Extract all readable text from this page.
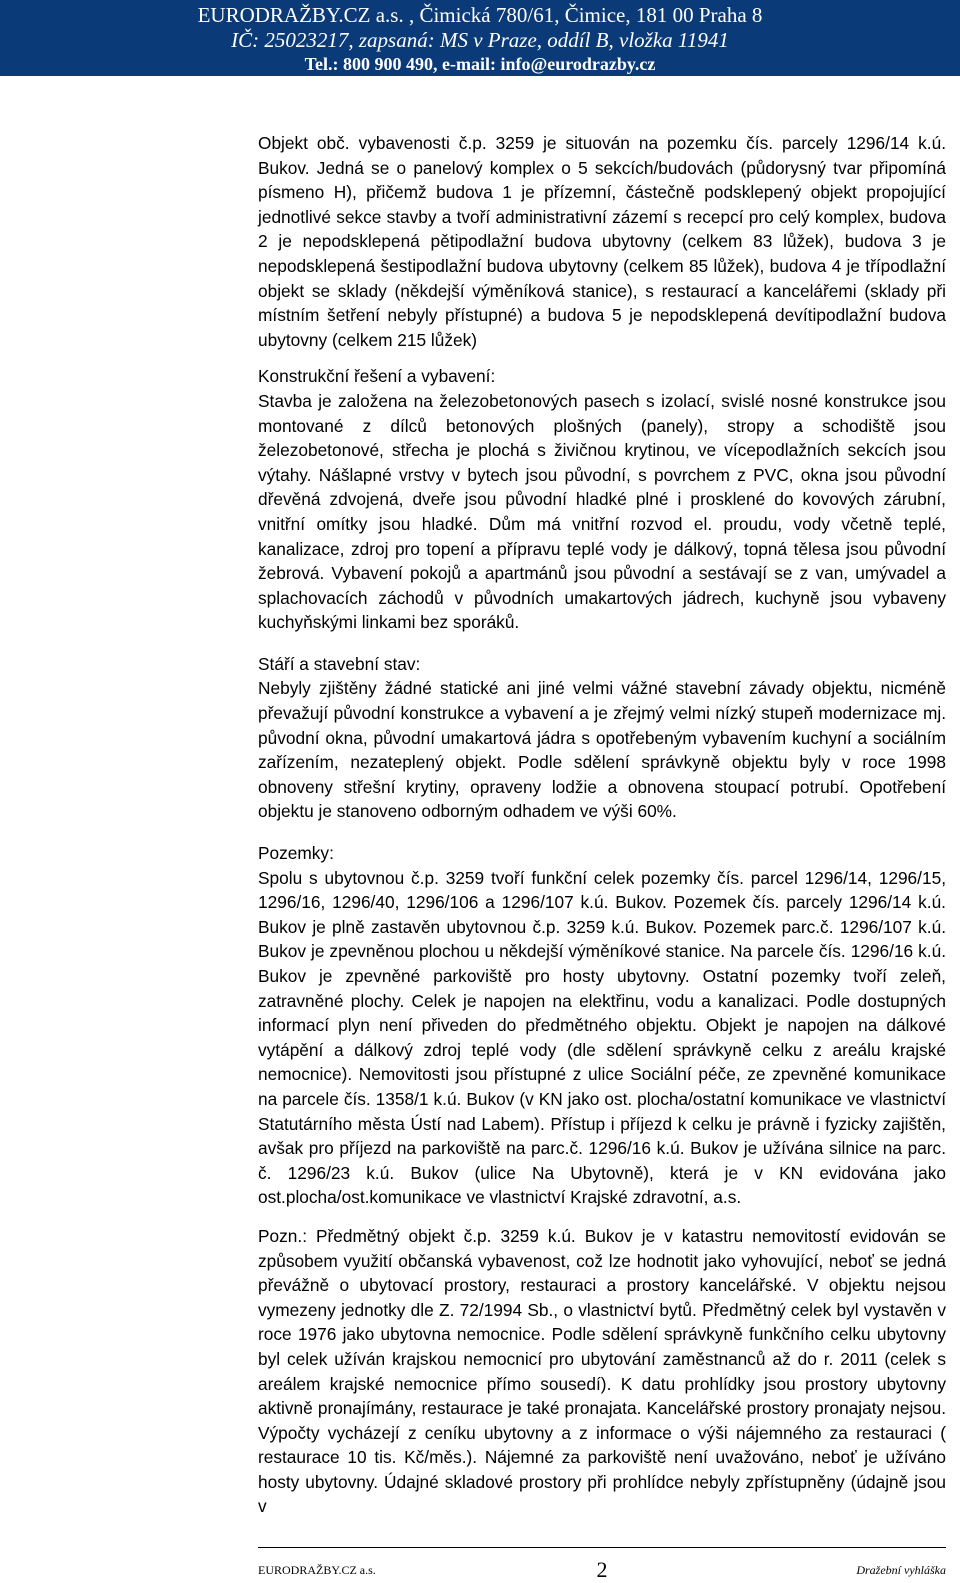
EURODRAŽBY.CZ a.s. , Čimická 780/61, Čimice, 181 00 Praha 8
IČ: 25023217, zapsaná: MS v Praze, oddíl B, vložka 11941
Tel.: 800 900 490, e-mail: info@eurodrazby.cz

Objekt obč. vybavenosti č.p. 3259 je situován na pozemku čís. parcely 1296/14 k.ú. Bukov. Jedná se o panelový komplex o 5 sekcích/budovách (půdorysný tvar připomíná písmeno H), přičemž budova 1 je přízemní, částečně podsklepený objekt propojující jednotlivé sekce stavby a tvoří administrativní zázemí s recepcí pro celý komplex, budova 2 je nepodsklepená pětipodlažní budova ubytovny (celkem 83 lůžek), budova 3 je nepodsklepená šestipodlažní budova ubytovny (celkem 85 lůžek), budova 4 je třípodlažní objekt se sklady (někdejší výměníková stanice), s restaurací a kancelářemi (sklady při místním šetření nebyly přístupné) a budova 5 je nepodsklepená devítipodlažní budova ubytovny (celkem 215 lůžek)

Konstrukční řešení a vybavení:

Stavba je založena na železobetonových pasech s izolací, svislé nosné konstrukce jsou montované z dílců betonových plošných (panely), stropy a schodiště jsou železobetonové, střecha je plochá s živičnou krytinou, ve vícepodlažních sekcích jsou výtahy. Nášlapné vrstvy v bytech jsou původní, s povrchem z PVC, okna jsou původní dřevěná zdvojená, dveře jsou původní hladké plné i prosklené do kovových zárubní, vnitřní omítky jsou hladké. Dům má vnitřní rozvod el. proudu, vody včetně teplé, kanalizace, zdroj pro topení a přípravu teplé vody je dálkový, topná tělesa jsou původní žebrová. Vybavení pokojů a apartmánů jsou původní a sestávají se z van, umývadel a splachovacích záchodů v původních umakartových jádrech, kuchyně jsou vybaveny kuchyňskými linkami bez sporáků.

Stáří a stavební stav:

Nebyly zjištěny žádné statické ani jiné velmi vážné stavební závady objektu, nicméně převažují původní konstrukce a vybavení a je zřejmý velmi nízký stupeň modernizace mj. původní okna, původní umakartová jádra s opotřebeným vybavením kuchyní a sociálním zařízením, nezateplený objekt. Podle sdělení správkyně objektu byly v roce 1998 obnoveny střešní krytiny, opraveny lodžie a obnovena stoupací potrubí. Opotřebení objektu je stanoveno odborným odhadem ve výši 60%.

Pozemky:

Spolu s ubytovnou č.p. 3259 tvoří funkční celek pozemky čís. parcel 1296/14, 1296/15, 1296/16, 1296/40, 1296/106 a 1296/107 k.ú. Bukov. Pozemek čís. parcely 1296/14 k.ú. Bukov je plně zastavěn ubytovnou č.p. 3259 k.ú. Bukov. Pozemek parc.č. 1296/107 k.ú. Bukov je zpevněnou plochou u někdejší výměníkové stanice. Na parcele čís. 1296/16 k.ú. Bukov je zpevněné parkoviště pro hosty ubytovny. Ostatní pozemky tvoří zeleň, zatravněné plochy. Celek je napojen na elektřinu, vodu a kanalizaci. Podle dostupných informací plyn není přiveden do předmětného objektu. Objekt je napojen na dálkové vytápění a dálkový zdroj teplé vody (dle sdělení správkyně celku z areálu krajské nemocnice). Nemovitosti jsou přístupné z ulice Sociální péče, ze zpevněné komunikace na parcele čís. 1358/1 k.ú. Bukov (v KN jako ost. plocha/ostatní komunikace ve vlastnictví Statutárního města Ústí nad Labem). Přístup i příjezd k celku je právně i fyzicky zajištěn, avšak pro příjezd na parkoviště na parc.č. 1296/16 k.ú. Bukov je užívána silnice na parc. č. 1296/23 k.ú. Bukov (ulice Na Ubytovně), která je v KN evidována jako ost.plocha/ost.komunikace ve vlastnictví Krajské zdravotní, a.s.

Pozn.: Předmětný objekt č.p. 3259 k.ú. Bukov je v katastru nemovitostí evidován se způsobem využití občanská vybavenost, což lze hodnotit jako vyhovující, neboť se jedná převážně o ubytovací prostory, restauraci a prostory kancelářské. V objektu nejsou vymezeny jednotky dle Z. 72/1994 Sb., o vlastnictví bytů. Předmětný celek byl vystavěn v roce 1976 jako ubytovna nemocnice. Podle sdělení správkyně funkčního celku ubytovny byl celek užíván krajskou nemocnicí pro ubytování zaměstnanců až do r. 2011 (celek s areálem krajské nemocnice přímo sousedí). K datu prohlídky jsou prostory ubytovny aktivně pronajímány, restaurace je také pronajata. Kancelářské prostory pronajaty nejsou. Výpočty vycházejí z ceníku ubytovny a z informace o výši nájemného za restauraci ( restaurace 10 tis. Kč/měs.). Nájemné za parkoviště není uvažováno, neboť je užíváno hosty ubytovny. Údajné skladové prostory při prohlídce nebyly zpřístupněny (údajně jsou v

EURODRAŽBY.CZ a.s.	2	Dražební vyhláška
